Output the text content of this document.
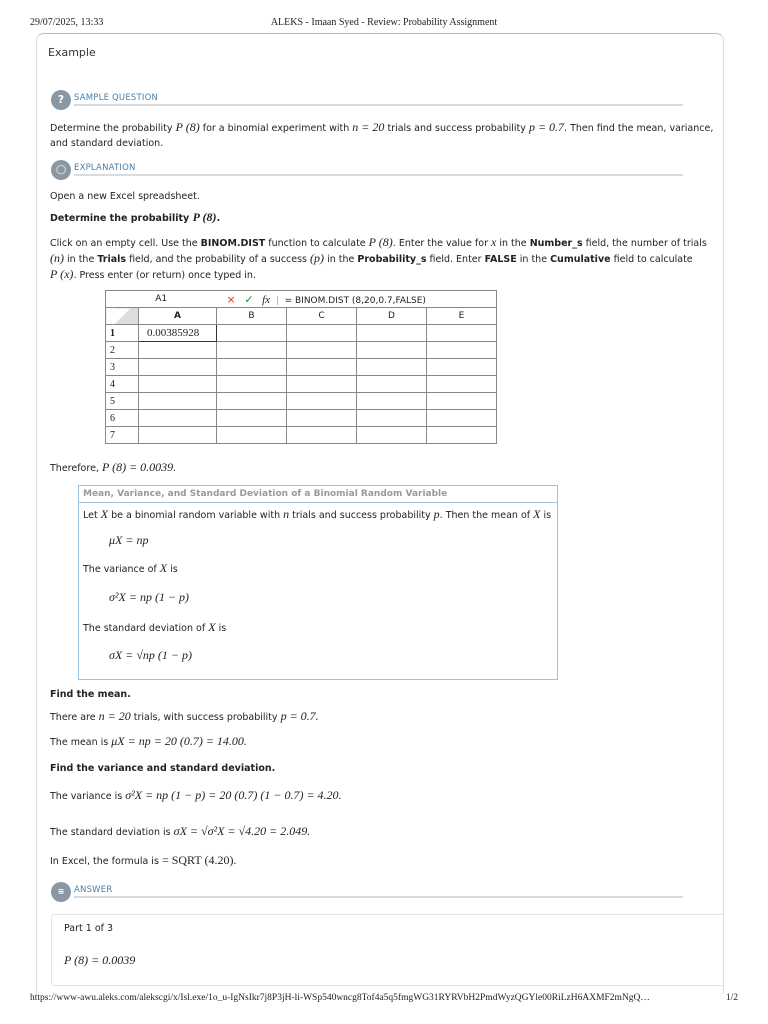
29/07/2025, 13:33	ALEKS - Imaan Syed - Review: Probability Assignment
Example
?	SAMPLE QUESTION
Determine the probability P (8) for a binomial experiment with n = 20 trials and success probability p = 0.7. Then find the mean, variance,
and standard deviation.
◯ EXPLANATION
Open a new Excel spreadsheet.
Determine the probability P (8).
Click on an empty cell. Use the BINOM.DIST function to calculate P (8). Enter the value for x in the Number_s field, the number of trials
(n) in the Trials field, and the probability of a success (p) in the Probability_s field. Enter FALSE in the Cumulative field to calculate
P (x). Press enter (or return) once typed in.
A1		× ✓ fx  |  = BINOM.DIST (8,20,0.7,FALSE)			
	A	B	C	D	E
1	0.00385928				
2					
3					
4					
5					
6					
7					
Therefore, P (8) = 0.0039.
Mean, Variance, and Standard Deviation of a Binomial Random Variable
Let X be a binomial random variable with n trials and success probability p. Then the mean of X is
μX = np
The variance of X is
σ²X = np (1 − p)
The standard deviation of X is
σX = √np (1 − p)
Find the mean.
There are n = 20 trials, with success probability p = 0.7.
The mean is μX = np = 20 (0.7) = 14.00.
Find the variance and standard deviation.
The variance is σ²X = np (1 − p) = 20 (0.7) (1 − 0.7) = 4.20.
The standard deviation is σX = √σ²X = √4.20 = 2.049.
In Excel, the formula is = SQRT (4.20).
≡	ANSWER
Part 1 of 3
P (8) = 0.0039
https://www-awu.aleks.com/alekscgi/x/Isl.exe/1o_u-IgNsIkr7j8P3jH-li-WSp540wncg8Tof4a5q5fmgWG31RYRVbH2PmdWyzQGYle00RiLzH6AXMF2mNgQ…	1/2
